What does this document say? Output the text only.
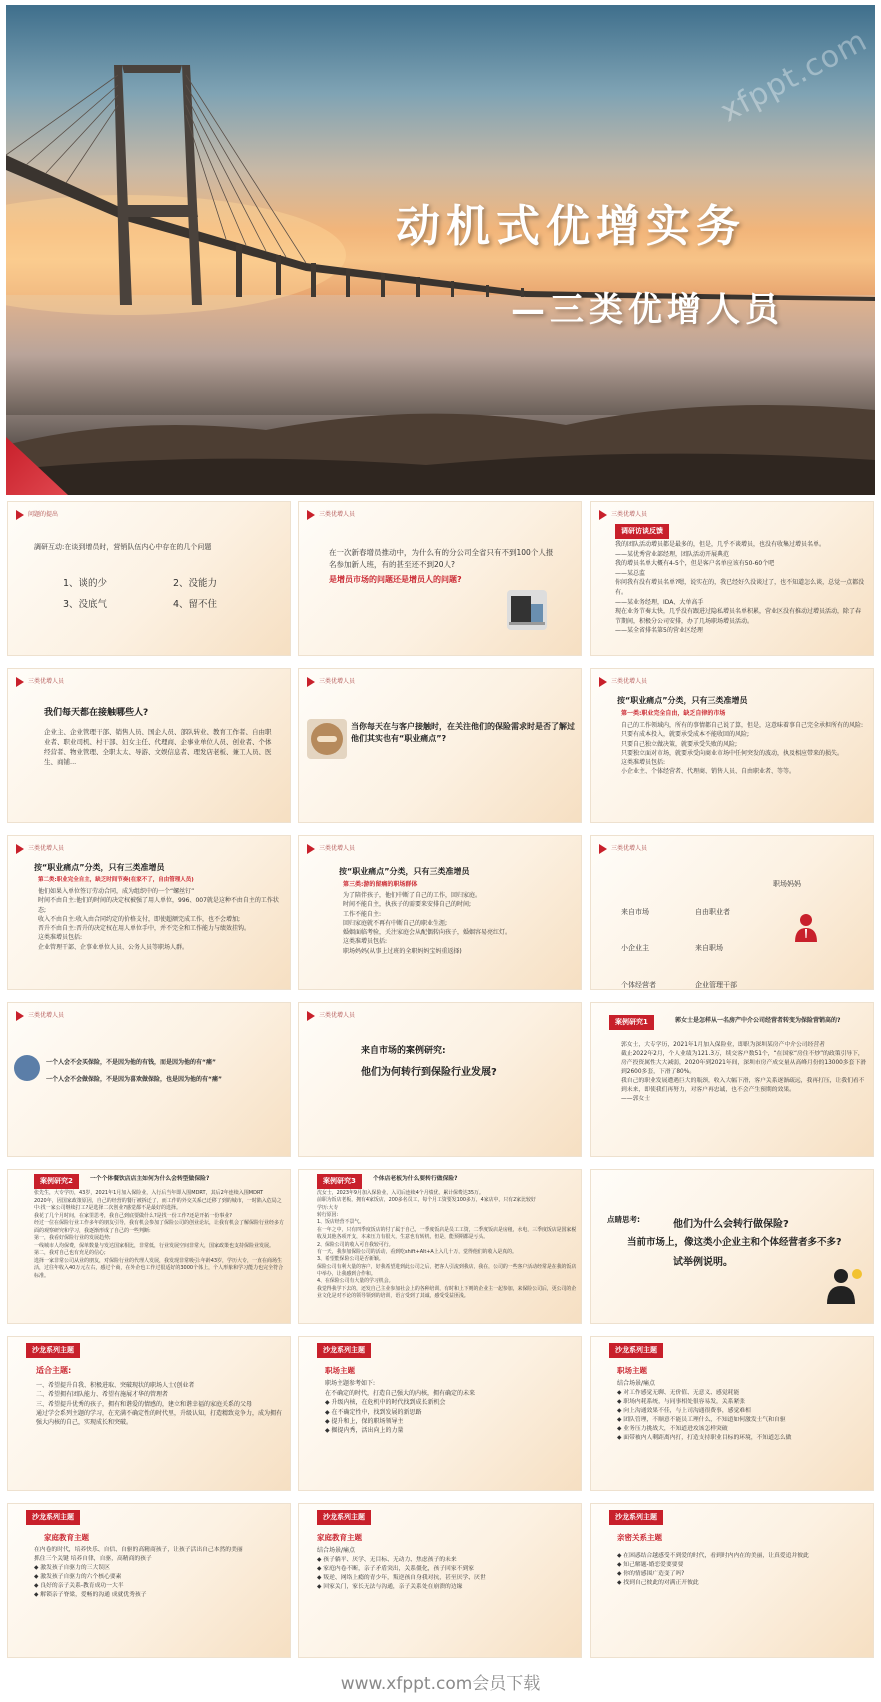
xfppt.com
动机式优增实务
—三类优增人员
问题的提出
調研互动:在谈到增员时，营销队伍内心中存在的几个问题
1、谈的少	2、没能力
3、没底气	4、留不住
三类优增人员
在一次新春增员推动中，为什么有的分公司全省只有不到100个人报名参加新人班，有的甚至还不到20人?
是增员市场的问题还是增员人的问题?
三类优增人员
调研访谈反馈
我的团队活动增员都是最多的，但是，几乎不谈增员，也没有收集过增员名单。
——某优秀营业部经理，团队活动开展典范
我的增员名单大概有4-5个，但是客户名单应该有50-60个吧
——某总监
你问我有没有增员名单?嗯，说实在的，我已经好久没谈过了，也不知道怎么谈，总觉一点都没有。
——某业务经理，IDA、大单高手
现在业务节奏太快，几乎没有跟进过隐私增员名单积累，营业区没有推动过增员活动，除了春节期间，积极分公司安排，办了几场职场增员活动。
——某全省排名第5的营业区经理
三类优增人员
我们每天都在接触哪些人?
企业主、企业管理干部、销售人员、国企人员、部队转业、教育工作者、自由职业者、职业司机、村干部、妇女主任、代理商、企事业单位人员、创业者、个体经营者、物业管理、全职太太、导游、文娱信息者、理发店老板、兼工人员、医生、商铺...
三类优增人员
当你每天在与客户接触时，在关注他们的保险需求时是否了解过他们其实也有“职业痛点”?
三类优增人员
按“职业痛点”分类，只有三类准增员
第一类:职业完全自由，缺乏自律的市场
自己的工作领域内，所有的事情都自己说了算，但是，这意味着事自己完全承担所有的风险:
只要有成本投入，就要承受成本不能收回的风险;
只要自己独立做决策，就要承受失败的风险;
只要独立面对市场，就要承受向商业市场中任何突发的波动，执及相应带来的损失。
这类准增员包括:
小企业主、个体经营者、代理商、销售人员、自由职业者、等等。
三类优增人员
按“职业痛点”分类，只有三类准增员
第二类:职业完全自主，缺乏时间节奏(在家不了，自由管理人员)
他们如果入单位签订劳动合同，成为组织中的一个“螺丝钉”
时间不由自主:他们的时间的决定权被强了用人单位，996、007就是这种不由自主的工作状态;
收入不由自主:收入由合同约定的价格支付，即使超额完成工作，也不会增加;
晋升不由自主:晋升的决定权在用人单位手中，并不完全和工作能力与绩效挂钩。
这类准增员包括:
企业管理干部、企事业单位人员、公务人员等职场人群。
三类优增人员
按“职业痛点”分类，只有三类准增员
第三类:游的留痛的职场群体
为了陪伴孩子，他们中断了自己的工作，回归家庭。
时间不能自主，执孩子的需要来安排自己的时间;
工作不能自主:
回归家庭就不再有中断自己的职业生涯;
婚姻面临考验，关注家庭会从配偶转向孩子，婚姻容易亮红灯。
这类准增员包括:
职场妈妈(从事上过班的全职妈妈宝妈重返择)
三类优增人员

来自市场

小企业主

个体经营者

自由职业者

来自职场

企业管理干部

职场妈妈
三类优增人员
一个人会不会买保险，不是因为他的有钱，而是因为他的有“痛”
一个人会不会做保险，不是因为喜欢做保险，也是因为他的有“痛”
三类优增人员
来自市场的案例研究:
他们为何转行到保险行业发展?
案例研究1	郭女士是怎样从一名房产中介公司经营者转变为保险营销高的?
郭女士，大专学历，2021年1月加入保险业，即职为深圳某房产中介公司经营者
截止2022年2月，个人业绩为121.3万，续交客户数51个，“在国家“房住不炒”的政策引导下，房产投资属性大大减弱，2020年到2021年间，深圳市房产成交量从高峰月份的13000多套下滑到2600多套，下滑了80%。
我自己的职业发展遭遇巨大的瓶颈，收入大幅下滑，客户关系逐渐疏远，我再打压，让我们看不到未来，即使我们再努力，对客户再忠诚，也不会产生预期的效果。
——郭女士
案例研究2	一个个体餐饮店店主如何为什么会转型做保险?
张先生，大专学历，43岁，2021年1月加入保险业，入行后当年即入围MDRT，其后2年连续入围MDRT
2020年，因国家政策原因，自己的经营的餐厅被拆迁了，而工作的外交关系已迁移了到的城市，一时陷入危局之中:找一家公司继续打工?是选择二次创业?感觉都不是最好的选择。
我花了几个月时间，在家里思考，我自己到底要做什么?是找一份工作?还是开拓一份事业?
经过一位在保险行业工作多年的朋友引导，我有机会参加了保险公司的创业论坛，让我有机会了解保险行业经多方面的观察研究和学习，我逐渐形成了自己的一些判断:
第一，我看好保险行业的发展趋势;
一线城市人均保费，保单数量与发达国家相比，非常低，行业发展空间非常大，国家政策也支持保险业发展。
第二，我对自己也有充足的信心;
选择一家非常公司从业的朋友，对保险行业的代理人发展，我发现非常吸引:年龄43岁，学历大专，一直在商场生活，过往年收入40万元左右，感过个商，在外企也工作过很适好的3000个体上，个人形象和学习能力也完全符合标准。
案例研究3	个体店老板为什么要转行做保险?
沈女士，2023年9月加入保险业，入司后连续4个月绩优，累计保费达35万。
前职为饭店老板，拥有4家饭店，200多名员工，每个月工资要发100多万，4家店中，只有2家比较好
学历:大专
转行原因:
1、饭店经营不景气。
在一年之中，只有四季度饭店的付了属于自己，一季度饭店是员工工资，二季度饭店是房租，水电，三季度饭店是国家税收及其他各项开支，本来压力有很大，生意也有转机，但是，能预期都是亏头。
2、保险公司的收入可自我较可行。
有一天，我参加保险公司的活动，看到吃shift+Alt+A上入几十万，觉得他们的收入是真的。
3、希望能保险公司是否新颖。
保险公司有利大量的客户，好我希望进到此公司之后，把客人引流到我店，我在，公司的一些客户活动经常是在我的饭店中举办，让我感到合作和。
4、在保险公司有大量的学习机会。
我觉得我学下去的，还发自己主业参加社会上的各种培训，有时和上下则的企业主一起参加，来保险公司后，更公司的企业文化是对不论的领导领到的培训，语言受到了其诚，感受受益匪浅。
点睛思考:	他们为什么会转行做保险?
当前市场上，像这类小企业主和个体经营者多不多?
试举例说明。
沙龙系列主题
适合主题:
一、希望提升自我、积极进取、突破现状的职场人士(创业者
二、希望拥有团队能力、希望有施展才华的管理者
三、希望提升优秀的孩子，拥有和谐爱的情感的，建立和谐幸福的家庭关系的父母
通过学会系列主题的学习，在充满不确定性的时代里，升级认知，打造精致竞争力，成为拥有强大内核的自己，实现成长和突破。
沙龙系列主题
职场主题
职场主题参考如下:
在不确定的时代，打造自己强大的内核，拥有确定的未来
◆ 升级内核，在危机中的时代找到成长新机会
◆ 在不确定性中，找到发展的新思路
◆ 提升和上，保的职场领导主
◆ 掘提内秀，活出向上的力量
沙龙系列主题
职场主题
结合场景/痛点
◆ 对工作感觉无聊、无价值、无意义、感觉耗能
◆ 职场内耗系统，与同事相处很容易发，关系紧张
◆ 向上沟通效果不佳，与上司沟通很费事，感觉难相
◆ 团队管理，不顺意不能员工理什么，不知道如何激发士气和自驱
◆ 业务压力挑战大，不知道进攻该怎样突破
◆ 面带被内人剩距离内打，打造支持职业目标的环境，不知道怎么做
沙龙系列主题
家庭教育主题
在内卷的时代，培养快乐、自信、自驱的高精商孩子，让孩子活出自己本然的美丽
抓住三个关键 培养自律，自驱，高精商的孩子
◆ 激发孩子自驱力的三大误区
◆ 激发孩子自驱力的六个核心要素
◆ 良好的亲子关系-教育成功一大半
◆ 解锁亲子脊梁，爱畅的沟通 成就优秀孩子
沙龙系列主题
家庭教育主题
结合场景/痛点
◆ 孩子躺平、厌学、无目标、无动力、焦虑孩子的未来
◆ 家庭内卷不断，亲子矛盾突出，关系僵化，孩子回家不到家
◆ 叛逆、网络上瘾的青少年，叛逆孩自身我对抗，甚至厌学、厌世
◆ 回家关门，家长无法与沟通，亲子关系处在崩溃的边缘
沙龙系列主题
亲密关系主题
◆ 在困惑结合越感受不到爱的时代，看到时内内在的美丽，让真爱追并彼此
◆ 知己解题-婚恋爱要要要
◆ 你的情感围广造变了吗?
◆ 找到自己彼此的对满正开彼此
www.xfppt.com会员下载
